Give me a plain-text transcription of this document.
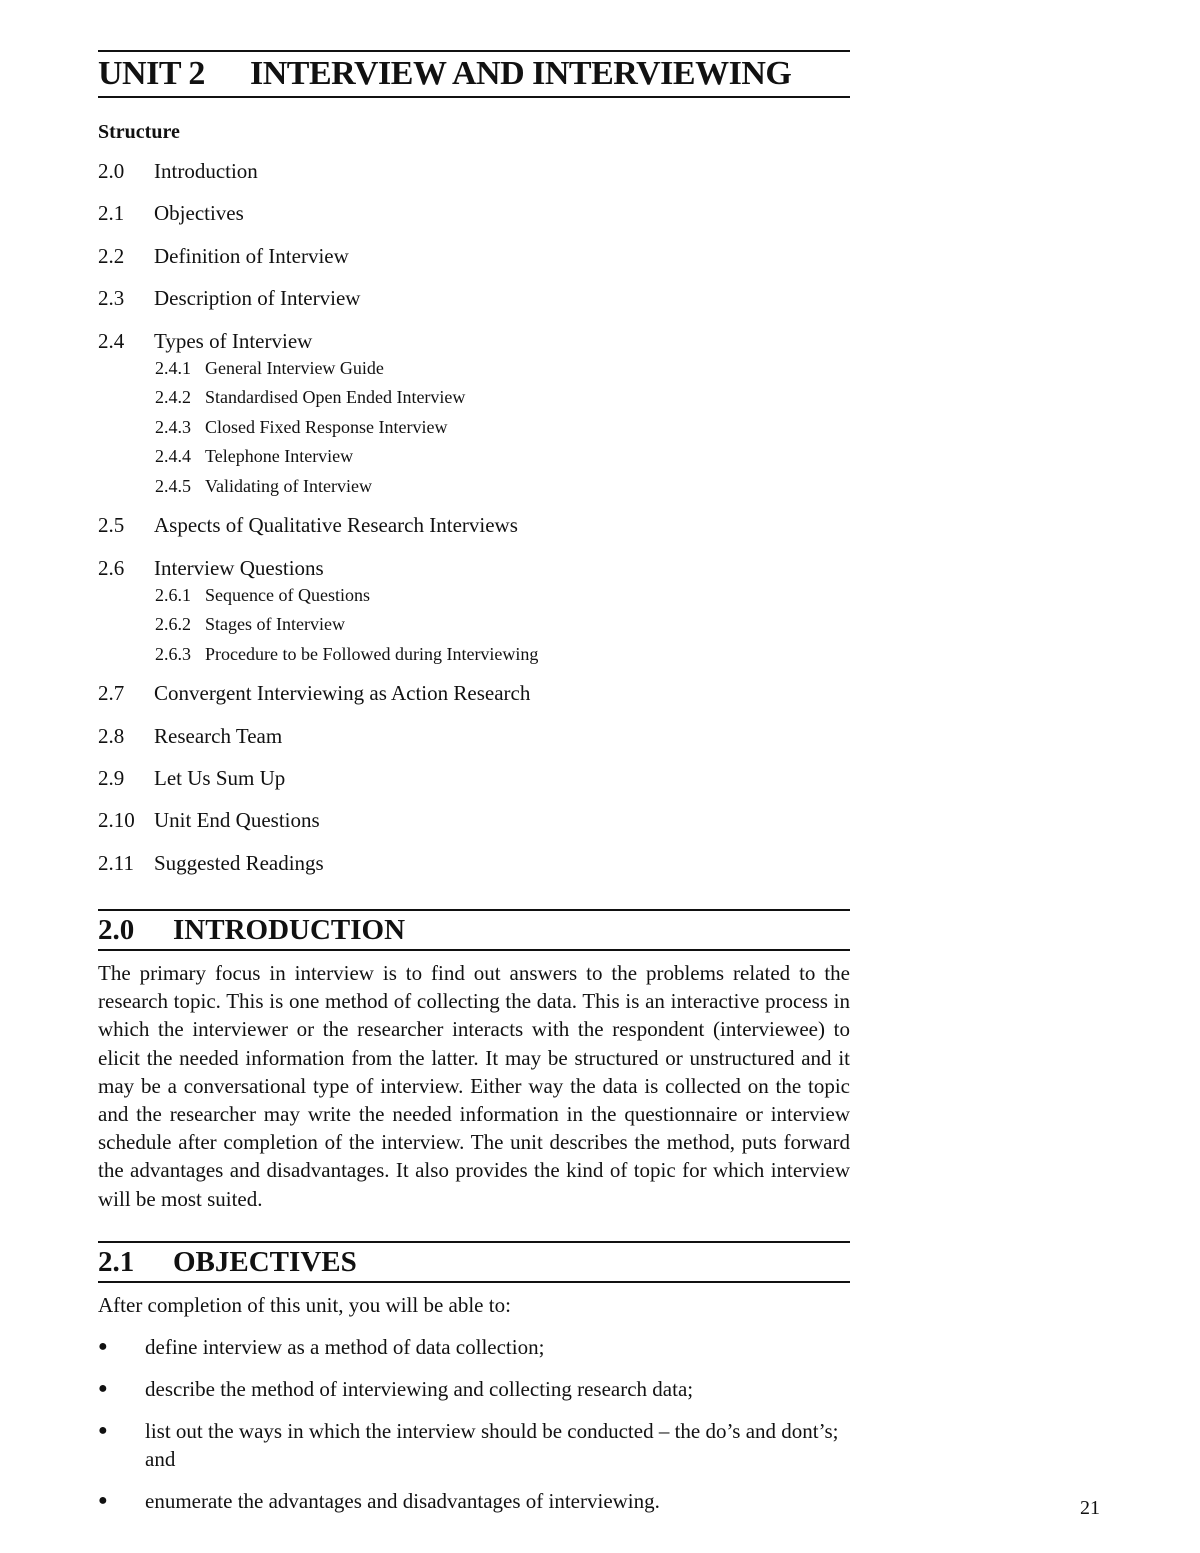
UNIT 2	INTERVIEW AND INTERVIEWING
Structure
2.0	Introduction
2.1	Objectives
2.2	Definition of Interview
2.3	Description of Interview
2.4	Types of Interview
2.4.1 General Interview Guide
2.4.2 Standardised Open Ended Interview
2.4.3 Closed Fixed Response Interview
2.4.4 Telephone Interview
2.4.5 Validating of Interview
2.5	Aspects of Qualitative Research Interviews
2.6	Interview Questions
2.6.1 Sequence of Questions
2.6.2 Stages of Interview
2.6.3 Procedure to be Followed during Interviewing
2.7	Convergent Interviewing as Action Research
2.8	Research Team
2.9	Let Us Sum Up
2.10 Unit End Questions
2.11 Suggested Readings
2.0	INTRODUCTION
The primary focus in interview is to find out answers to the problems related to the research topic. This is one method of collecting the data. This is an interactive process in which the interviewer or the researcher interacts with the respondent (interviewee) to elicit the needed information from the latter. It may be structured or unstructured and it may be a conversational type of interview. Either way the data is collected on the topic and the researcher may write the needed information in the questionnaire or interview schedule after completion of the interview. The unit describes the method, puts forward the advantages and disadvantages. It also provides the kind of topic for which interview will be most suited.
2.1	OBJECTIVES
After completion of this unit, you will be able to:
●	define interview as a method of data collection;
●	describe the method of interviewing and collecting research data;
●	list out the ways in which the interview should be conducted – the do’s and dont’s; and
●	enumerate the advantages and disadvantages of interviewing.	21
